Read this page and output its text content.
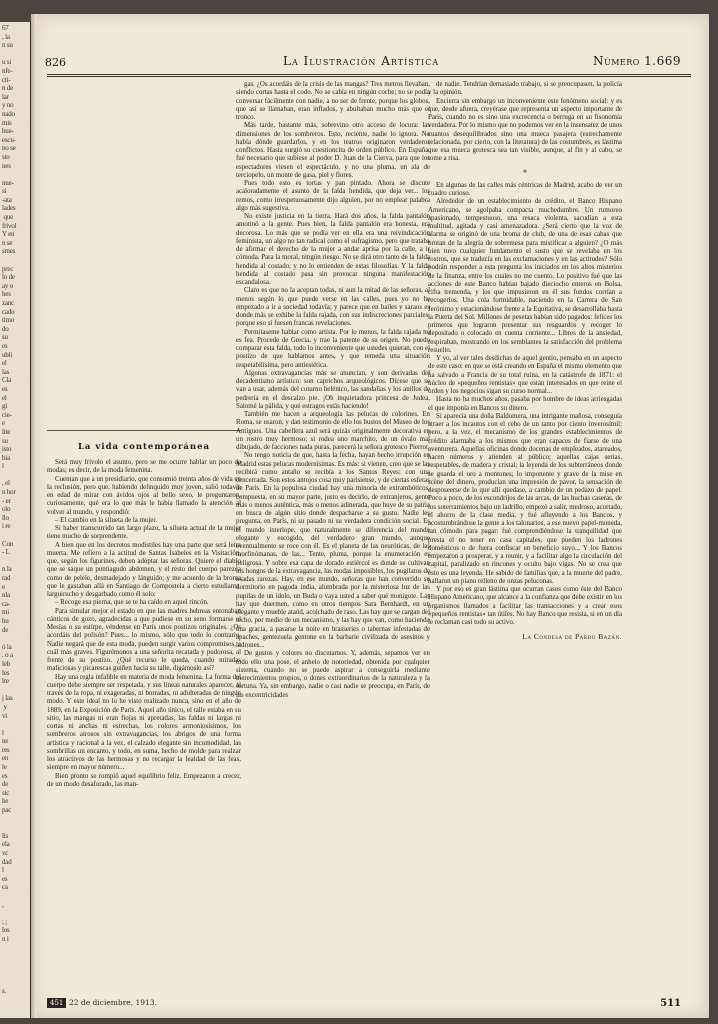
67
, la
n su

u si
nfe-
cti-
n de
lar
y no
nado
mis
bue-
escu-
no se
sto
nes

nue-
si
-ata
lades
que
frivol
Y en
n se
smes

prec
lo de
ay o
hes
zanc
cado
timo
do
su
es
ubli
el
las
Cla
es
el
gi
cie-
e
lite
su
isto
bia
l

, el
n hor
- er
olo
llo
i re

Con
- L

n la
rad
e
nla
ca-
mi
hu
de

ó la
. o a
leb
les
lre

j las
y
vi

l
ne
res
en
le
es
de
sic
he
pac

lis
ela
vc
dad
l
es
ca

,

; ;
los
n i

s.
826	La Ilustración Artística	Número 1.669
La vida contemporánea

Será muy frívolo el asunto, pero se me ocurre hablar un poco de modas; es decir, de la moda femenina.

Cuentan que a un presidiario, que consumió treinta años de vida en la reclusión, pero que, habiendo delinquido muy joven, salió todavía en edad de mirar con ávidos ojos al bello sexo, le preguntaron, curiosamente, qué era lo que más le había llamado la atención al volver al mundo, y respondió:

– El cambio en la silueta de la mujer.

Si haber transcurrido tan largo plazo, la silueta actual de la mujer tiene mucho de sorprendente.

A bien que en los decretos modistiles hay una parte que será letra muerta. Me refiero a la actitud de Santas Isabeles en la Visitación, que, según los figurines, deben adoptar las señoras. Quiere el diablo que se saque un puntiagudo abdomen, y el resto del cuerpo parezca como de pelele, desmadejado y lánguido; y me acuerdo de la broma que le gastaban allá en Santiago de Compostela a cierto estudiante, larguirucho y desgarbado como él solo:

– Recoge esa pierna, que se te ha caído en aquel rincón.

Para simular mejor el estado en que las madres hebreas entonaban cánticos de gozo, agradecidas a que pudiese en su seno formarse el Mesías o su estirpe, véndense en París unos postizos originales. ¿Os acordáis del polisón? Pues... lo mismo, sólo que todo lo contrario. Nadie negará que de esta moda, pueden surgir varios compromisos, a cuál más graves. Figurémonos a una señorita recatada y pudorosa, al frente de su postizo. ¿Qué recurso le queda, cuando miradas maliciosas y picarescas guiñen hacia su talle, digámoslo así?

Hay una regla infalible en materia de moda femenina. La forma del cuerpo debe siempre ser respetada, y sus líneas naturales aparecer, al través de la ropa, ni exageradas, ni borradas, ni adulteradas de ningún modo. Y este ideal no lo he visto realizado nunca, sino en el año de 1889, en la Exposición de París. Aquel año único, el talle estaba en su sitio, las mangas ni eran fiojas ni apretadas, las faldas ni largas ni cortas ni anchas ni estrechas, los colores armoniosísimos, los sombreros airosos sin extravagancias, los abrigos de una forma artística y racional a la vez, el calzado elegante sin incomodidad, las sombrillas un encanto, y todo, en suma, hecho de molde para realzar los atractivos de las hermosas y no recargar la fealdad de las feas, siempre en mayor número...

Bien pronto se rompió aquel equilibrio feliz. Empezaron a crecer, de un modo desaforado, las man-

gas. ¿Os acordáis de la crisis de las mangas? Tres metros llevaban, siendo cortas hasta el codo. No se cabía en ningún coche; no se podía conversar fácilmente con nadie, a no ser de frente, porque los globos, que así se llamaban, eran inflados, y abultaban mucho más que el tronco.

Más tarde, bastante más, sobrevino otro acceso de locura: las dimensiones de los sombreros. Esto, reciente, nadie lo ignora. No había dónde guardarlos, y en los teatros originaron verdaderos conflictos. Hasta surgió su cuestioncita de orden público. En España, fué necesario que subiese al poder D. Juan de la Cierva, para que los espectadores viesen el espectáculo, y no una pluma, un ala de terciopelo, un monte de gasa, piel y flores.

Pues todo esto es tortas y pan pintado. Ahora se discute acaloradamente el asunto de la falda hendida, que deja ver... los remos, como irrespetuosamente dijo alguien, por no emplear palabra algo más sugestiva.

No existe justicia en la tierra. Hará dos años, la falda pantalón amotinó a la gente. Pues bien, la falda pantalón era honesta, era decorosa. Lo más que se podía ver en ella era una reivindicación feminista, un algo no tan radical como el sufragismo, pero que trataba de afirmar el derecho de la mujer a andar aprisa por la calle, a ir cómoda. Para la moral, ningún riesgo. No se dirá otro tanto de la falda hendida al costado, y no lo entienden de estas filosofías. Y la falda hendida al costado pasa sin provocar ninguna manifestación escandalosa.

Claro es que no la aceptan todas, ni aun la mitad de las señoras, al menos según lo que puede verse en las calles, pues yo no he empezado a ir a sociedad todavía; y parece que en bailes y saraos es donde más se exhibe la falda rajada, con sus indiscreciones parciales, porque eso sí fuesen francas revelaciones.

Permitaseme hablar como artista. Por lo menos, la falda rajada no es fea. Procede de Grecia, y trae la patente de su origen. No puedo comparar esta falda, todo lo inconveniente que ustedes quieran, con el postizo de que hablamos antes, y que remeda una situación respetabilísima, pero antiestética.

Algunas extravagancias más se anuncian, y son derivadas del decadentismo artístico: son caprichos arqueológicos. Dícese que se van a usar, además del coturno helénico, las sandalias y los anillos de pedrería en el descalzo pie. ¡Oh inquietadora princesa de Judea, Salomé la pálida, y qué estragos estás haciendo!

También me hacen a arqueología las pelucas de colorines. En Roma, se usaron, y dan testimonio de ello los bustos del Museo de los Antiguos. Una cabellera azul será quizás originalmente decorativa en un rostro muy hermoso; si rodea uno marchito, de un óvalo mal dibujado, de facciones nada puras, parecerá la señora grotesco Pierrot.

No tengo noticia de que, hasta la fecha, hayan hecho irrupción en Madrid estas pelucas modernísimas. Es más: si vienen, creo que se las recibirá como antaño se recibía a los Santos Reyes: con una cencerrada. Son estos antojos cosa muy parisiense, y de ciertas esferas de París. En la populosa ciudad hay una minoría de extrambóticos, compuesta, en su mayor parte, justo es decirlo, de extranjeros, gente más o menos auténtica, más o menos adinerada, que huye de su patria en busca de algún sitio donde despacharse a su gusto. Nadie les pregunta, en París, ni su pasado ni su verdadera condición social. Es el mundo interlope, que naturalmente se diferencia del mundo elegante y escogido, del verdadero gran mundo, aunque eventualmente se roce con él. Es el planeta de las neuróticas, de las morfinómanas, de las... Tente, pluma, porque la enumeración es peligrosa. Y sobre esa capa de dorado estiércol es donde se cultivan los hongos de la extravagancia, las modas imposibles, los pugilatos de osadas rarezas. Hay, en ese mundo, señoras que han convertido su dormitorio en pagoda india, alumbrada por la misteriosa luz de las pupilas de un ídolo, un Buda o vaya usted a saber qué monigote. Las hay que duermen, como en otros tiempos Sara Bernhardt, en un elegante y mueble ataúd, acolchado de raso. Las hay que se cargan del techo, por medio de un mecanismo, y las hay que van, como haciendo una gracia, a pasarse la noite en brasseries o tabernas infestadas de apaches, gentezuela gentone en la barbarie civilizada de asesinos y ladrones...

De gustos y colores no discutamos. Y, además, sepamos ver en todo ello una pose, el anhelo de notoriedad, obtenida por cualquier sistema, cuando no se puede aspirar a conseguirla mediante merecimientos propios, o dones extraordinarios de la naturaleza y la fortuna. Ya, sin embargo, nadie o casi nadie se preocupa, en París, de las excentricidades

de nadie. Tendrían demasiado trabajo, si se preocupasen, la policía y la opinión.

Encierra sin embargo un inconveniente este fenómeno social: y es que, desde afuera, creyérase que representa un aspecto importante de París, cuando no es sino una excrecencia o berruga en su fisonomía verdadera. Por lo mismo que no podemos ver en la insensatez de unos cuantos desequilibrados sino una mueca pasajera (estrechamente relacionada, por cierto, con la literatura) de las costumbres, es lástima que esa mueca grotesca sea tan visible, aunque, al fin y al cabo, se tome a risa.

*

En algunas de las calles más céntricas de Madrid, acabo de ver un cuadro curioso.

Alrededor de un establecimiento de crédito, el Banco Hispano Americano, se agolpaba compacta muchedumbre. Un rumoreo apasionado, tempestuoso, una resaca violenta, sacudían a esta multitud, agitada y casi amenazadora. ¿Será cierto que la voz de alarma se originó de una broma de club, de una de esas cabas que brotan de la alegría de sobremesa para mistificar a alguien? ¿O más bien tuvo cualquier fundamento el susto que se revelaba en los rostros, que se traducía en las exclamaciones y en las actitudes? Sólo podrán responder a esta pregunta los iniciados en los altos misterios de la finanza, entre los cuales no me cuento. Lo positivo fué que las acciones de este Banco habían bajado dieciocho enteros en Bolsa, cifra tremenda, y los que impusieron en él sus fondos corrían a recogerlos. Una cola formidable, naciendo en la Carrera de San Jerónimo y estacionándose frente a la Equitativa, se desarrollaba hasta la Puerta del Sol. Millones de pesetas habían sido pagados: felices los primeros que lograron presentar sus resguardos y recoger lo depositado o colocado en cuenta corriente... Libres de la ansiedad, respiraban, mostrando en los semblantes la satisfacción del problema resuelto.

Y yo, al ver tales desdichas de aquel gentío, pensaba en un aspecto de este caso: en que se está creando en España el mismo elemento que ha salvado a Francia de su total ruina, en la catástrofe de 1871: el núcleo de «pequeños rentistas» que están interesados en que reine el orden y los negocios sigan su curso normal...

Hasta no ha muchos años, pasaba por hombre de ideas arriesgadas el que imponía en Bancos su dinero.

Si aparecía una doña Baldomera, una intrigante mañosa, conseguía atraer a los incautos con el cebo de un tanto por ciento inverosímil: pero, a la vez, el mecanismo de los grandes establecimientos de crédito alarmaba a los mismos que eran capaces de fiarse de una aventurera. Aquellas oficinas donde docenas de empleados, atareados, hacen números y atienden al público; aquellas cajas serias, respetables, de madera y cristal; la leyenda de los subterráneos donde se guarda el oro a montones; lo imponente y grave de la mise en scène del dinero, producían una impresión de pavor, la sensación de desposeerse de lo que allí quedase, a cambio de un pedazo de papel. Poco a poco, de los escondrijos de las arcas, de las huchas caseras, de los soterramientos bajo un ladrillo, empezó a salir, medroso, acortado, el ahorro de la clase media, y fué afluyendo a los Bancos, y acostumbrándose la gente a los talonarios, a ese nuevo papel-moneda, tan cómodo para pagar: fué comprendiéndose la tranquilidad que presta el no tener en casa capitales, que pueden los ladrones domésticos o de fuera confiscar en beneficio suyo... Y los Bancos empezaron a prosperar, y a reunir, y a facilitar algo la circulación del capital, paralizado en rincones y oculto bajo vigas. No se crea que esto es una leyenda. He sabido de familias que, a la muerte del padre, hallaron un piano relleno de onzas peluconas.

Y por eso es gran lástima que ocurran casos como éste del Banco Hispano Americano, que alcance a la confianza que debe existir en los organismos llamados a facilitar las transacciones y a crear esos «pequeños rentistas» tan útiles. No hay Banco que resista, si en un día le reclaman casi todo su activo.

La Condesa de Pardo Bazán.
451 22 de diciembre, 1913.	511
